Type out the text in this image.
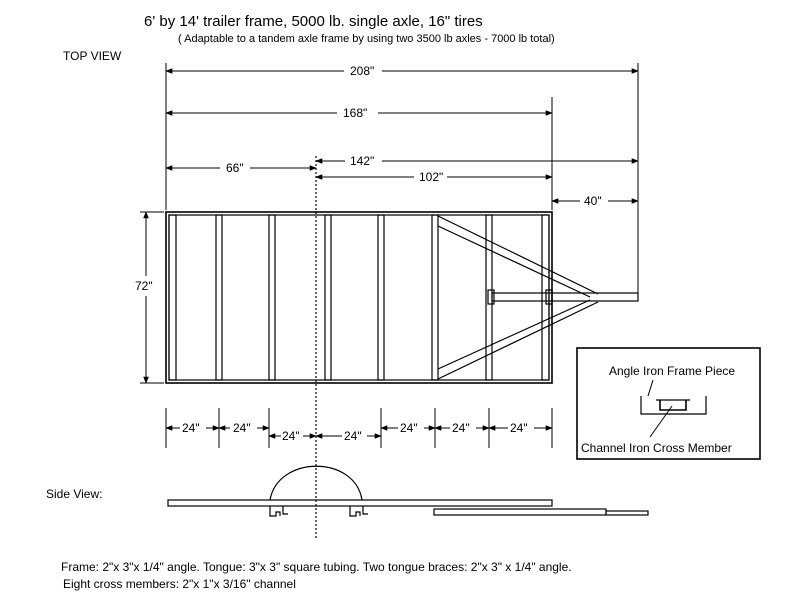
6' by 14' trailer frame, 5000 lb. single axle, 16" tires
( Adaptable to a tandem axle frame by using two 3500 lb axles - 7000 lb total)
TOP VIEW
208"
168"
66"	142"
102"
40"
72"
24"	24"
24"	24"
24"	24"	24"
Angle Iron Frame Piece
Channel Iron Cross Member
Side View:
Frame: 2"x 3"x 1/4" angle. Tongue: 3"x 3" square tubing. Two tongue braces: 2"x 3" x 1/4" angle.
Eight cross members: 2"x 1"x 3/16" channel
